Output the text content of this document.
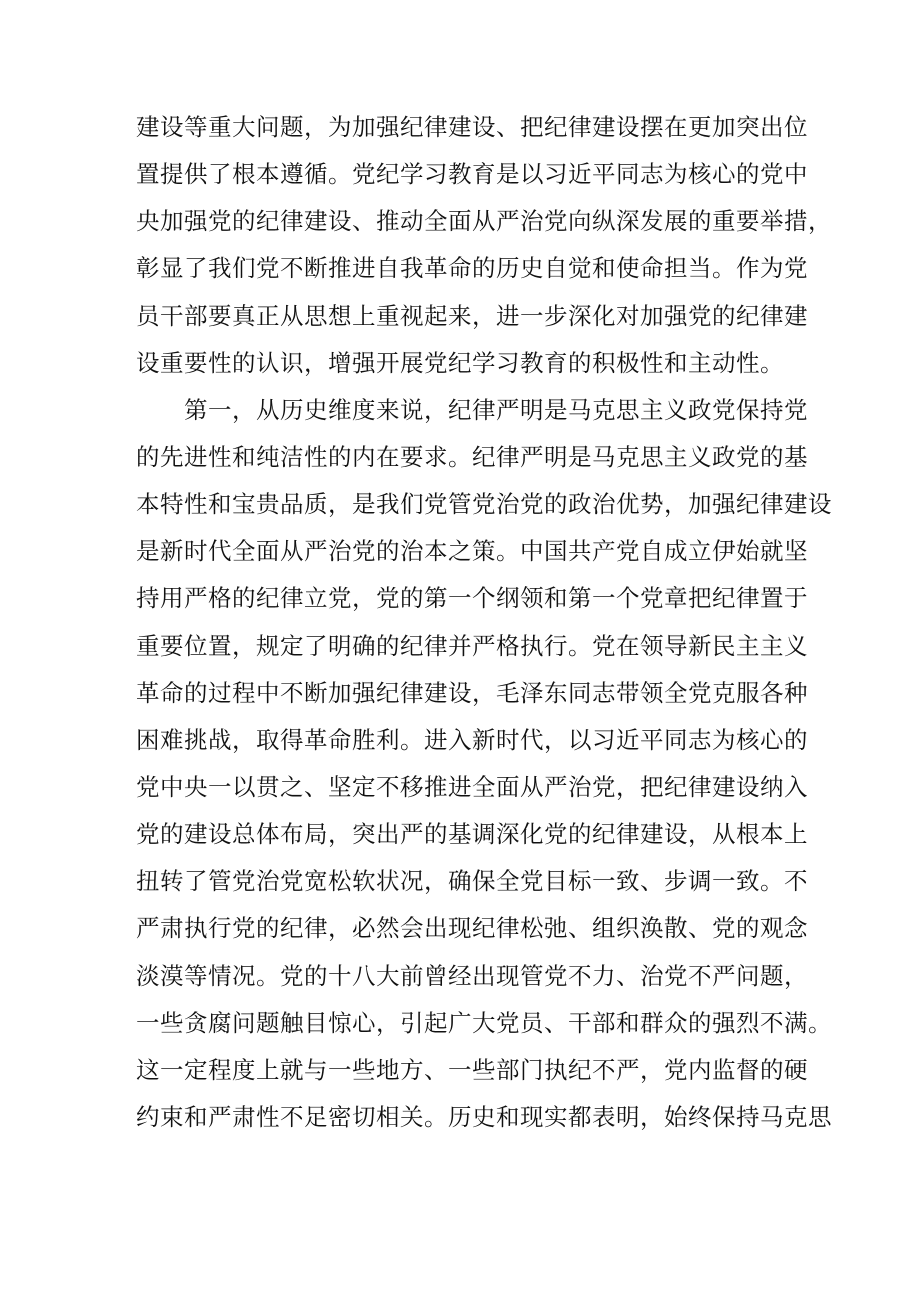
建设等重大问题，为加强纪律建设、把纪律建设摆在更加突出位
置提供了根本遵循。党纪学习教育是以习近平同志为核心的党中
央加强党的纪律建设、推动全面从严治党向纵深发展的重要举措，
彰显了我们党不断推进自我革命的历史自觉和使命担当。作为党
员干部要真正从思想上重视起来，进一步深化对加强党的纪律建
设重要性的认识，增强开展党纪学习教育的积极性和主动性。
第一，从历史维度来说，纪律严明是马克思主义政党保持党
的先进性和纯洁性的内在要求。纪律严明是马克思主义政党的基
本特性和宝贵品质，是我们党管党治党的政治优势，加强纪律建设
是新时代全面从严治党的治本之策。中国共产党自成立伊始就坚
持用严格的纪律立党，党的第一个纲领和第一个党章把纪律置于
重要位置，规定了明确的纪律并严格执行。党在领导新民主主义
革命的过程中不断加强纪律建设，毛泽东同志带领全党克服各种
困难挑战，取得革命胜利。进入新时代，以习近平同志为核心的
党中央一以贯之、坚定不移推进全面从严治党，把纪律建设纳入
党的建设总体布局，突出严的基调深化党的纪律建设，从根本上
扭转了管党治党宽松软状况，确保全党目标一致、步调一致。不
严肃执行党的纪律，必然会出现纪律松弛、组织涣散、党的观念
淡漠等情况。党的十八大前曾经出现管党不力、治党不严问题，
一些贪腐问题触目惊心，引起广大党员、干部和群众的强烈不满。
这一定程度上就与一些地方、一些部门执纪不严，党内监督的硬
约束和严肃性不足密切相关。历史和现实都表明，始终保持马克思
